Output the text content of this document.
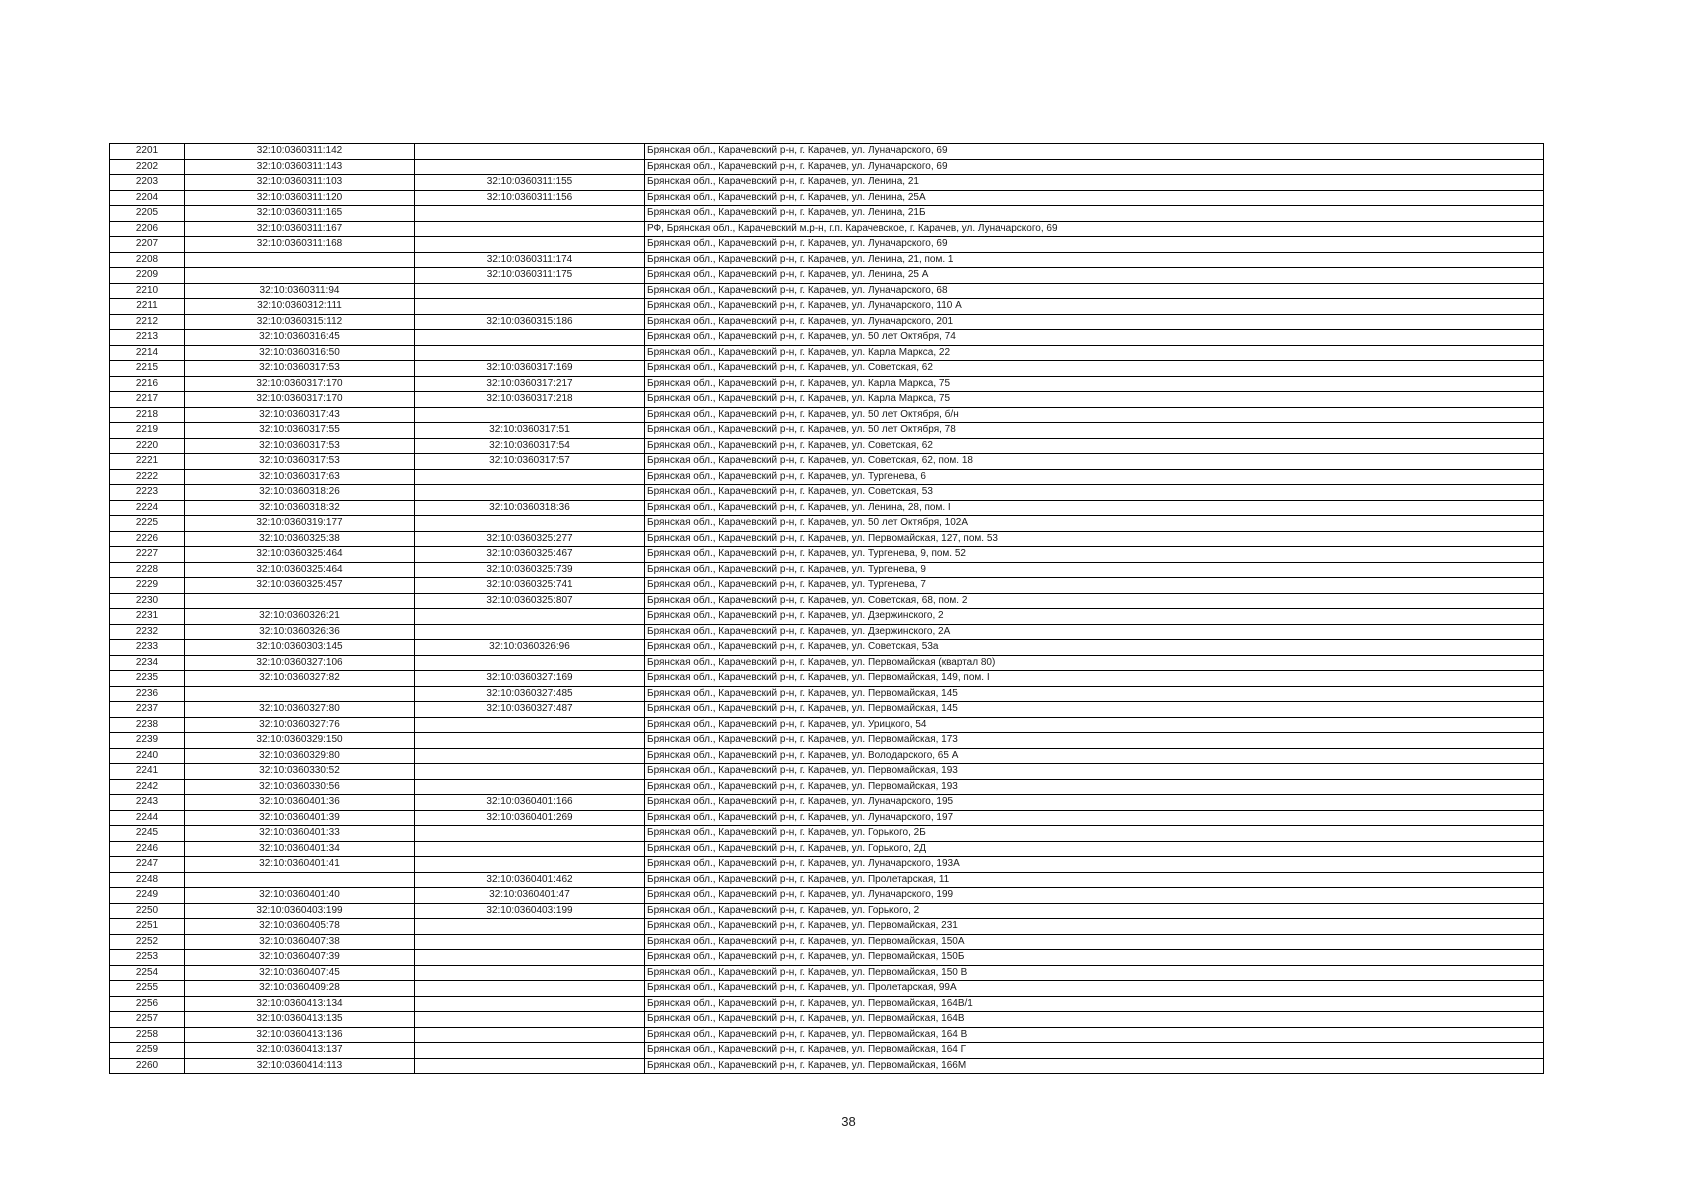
2201	32:10:0360311:142		Брянская обл., Карачевский р-н, г. Карачев, ул. Луначарского, 69
2202	32:10:0360311:143		Брянская обл., Карачевский р-н, г. Карачев, ул. Луначарского, 69
2203	32:10:0360311:103	32:10:0360311:155	Брянская обл., Карачевский р-н, г. Карачев, ул. Ленина, 21
2204	32:10:0360311:120	32:10:0360311:156	Брянская обл., Карачевский р-н, г. Карачев, ул. Ленина, 25А
2205	32:10:0360311:165		Брянская обл., Карачевский р-н, г. Карачев, ул. Ленина, 21Б
2206	32:10:0360311:167		РФ, Брянская обл., Карачевский м.р-н, г.п. Карачевское, г. Карачев, ул. Луначарского, 69
2207	32:10:0360311:168		Брянская обл., Карачевский р-н, г. Карачев, ул. Луначарского, 69
2208		32:10:0360311:174	Брянская обл., Карачевский р-н, г. Карачев, ул. Ленина, 21, пом. 1
2209		32:10:0360311:175	Брянская обл., Карачевский р-н, г. Карачев, ул. Ленина, 25 А
2210	32:10:0360311:94		Брянская обл., Карачевский р-н, г. Карачев, ул. Луначарского, 68
2211	32:10:0360312:111		Брянская обл., Карачевский р-н, г. Карачев, ул. Луначарского, 110 А
2212	32:10:0360315:112	32:10:0360315:186	Брянская обл., Карачевский р-н, г. Карачев, ул. Луначарского, 201
2213	32:10:0360316:45		Брянская обл., Карачевский р-н, г. Карачев, ул. 50 лет Октября, 74
2214	32:10:0360316:50		Брянская обл., Карачевский р-н, г. Карачев, ул. Карла Маркса, 22
2215	32:10:0360317:53	32:10:0360317:169	Брянская обл., Карачевский р-н, г. Карачев, ул. Советская, 62
2216	32:10:0360317:170	32:10:0360317:217	Брянская обл., Карачевский р-н, г. Карачев, ул. Карла Маркса, 75
2217	32:10:0360317:170	32:10:0360317:218	Брянская обл., Карачевский р-н, г. Карачев, ул. Карла Маркса, 75
2218	32:10:0360317:43		Брянская обл., Карачевский р-н, г. Карачев, ул. 50 лет Октября, б/н
2219	32:10:0360317:55	32:10:0360317:51	Брянская обл., Карачевский р-н, г. Карачев, ул. 50 лет Октября, 78
2220	32:10:0360317:53	32:10:0360317:54	Брянская обл., Карачевский р-н, г. Карачев, ул. Советская, 62
2221	32:10:0360317:53	32:10:0360317:57	Брянская обл., Карачевский р-н, г. Карачев, ул. Советская, 62, пом. 18
2222	32:10:0360317:63		Брянская обл., Карачевский р-н, г. Карачев, ул. Тургенева, 6
2223	32:10:0360318:26		Брянская обл., Карачевский р-н, г. Карачев, ул. Советская, 53
2224	32:10:0360318:32	32:10:0360318:36	Брянская обл., Карачевский р-н, г. Карачев, ул. Ленина, 28, пом. I
2225	32:10:0360319:177		Брянская обл., Карачевский р-н, г. Карачев, ул. 50 лет Октября, 102А
2226	32:10:0360325:38	32:10:0360325:277	Брянская обл., Карачевский р-н, г. Карачев, ул. Первомайская, 127, пом. 53
2227	32:10:0360325:464	32:10:0360325:467	Брянская обл., Карачевский р-н, г. Карачев, ул. Тургенева, 9, пом. 52
2228	32:10:0360325:464	32:10:0360325:739	Брянская обл., Карачевский р-н, г. Карачев, ул. Тургенева, 9
2229	32:10:0360325:457	32:10:0360325:741	Брянская обл., Карачевский р-н, г. Карачев, ул. Тургенева, 7
2230		32:10:0360325:807	Брянская обл., Карачевский р-н, г. Карачев, ул. Советская, 68, пом. 2
2231	32:10:0360326:21		Брянская обл., Карачевский р-н, г. Карачев, ул. Дзержинского, 2
2232	32:10:0360326:36		Брянская обл., Карачевский р-н, г. Карачев, ул. Дзержинского, 2А
2233	32:10:0360303:145	32:10:0360326:96	Брянская обл., Карачевский р-н, г. Карачев, ул. Советская, 53а
2234	32:10:0360327:106		Брянская обл., Карачевский р-н, г. Карачев, ул. Первомайская (квартал 80)
2235	32:10:0360327:82	32:10:0360327:169	Брянская обл., Карачевский р-н, г. Карачев, ул. Первомайская, 149, пом. I
2236		32:10:0360327:485	Брянская обл., Карачевский р-н, г. Карачев, ул. Первомайская, 145
2237	32:10:0360327:80	32:10:0360327:487	Брянская обл., Карачевский р-н, г. Карачев, ул. Первомайская, 145
2238	32:10:0360327:76		Брянская обл., Карачевский р-н, г. Карачев, ул. Урицкого, 54
2239	32:10:0360329:150		Брянская обл., Карачевский р-н, г. Карачев, ул. Первомайская, 173
2240	32:10:0360329:80		Брянская обл., Карачевский р-н, г. Карачев, ул. Володарского, 65 А
2241	32:10:0360330:52		Брянская обл., Карачевский р-н, г. Карачев, ул. Первомайская, 193
2242	32:10:0360330:56		Брянская обл., Карачевский р-н, г. Карачев, ул. Первомайская, 193
2243	32:10:0360401:36	32:10:0360401:166	Брянская обл., Карачевский р-н, г. Карачев, ул. Луначарского, 195
2244	32:10:0360401:39	32:10:0360401:269	Брянская обл., Карачевский р-н, г. Карачев, ул. Луначарского, 197
2245	32:10:0360401:33		Брянская обл., Карачевский р-н, г. Карачев, ул. Горького, 2Б
2246	32:10:0360401:34		Брянская обл., Карачевский р-н, г. Карачев, ул. Горького, 2Д
2247	32:10:0360401:41		Брянская обл., Карачевский р-н, г. Карачев, ул. Луначарского, 193А
2248		32:10:0360401:462	Брянская обл., Карачевский р-н, г. Карачев, ул. Пролетарская, 11
2249	32:10:0360401:40	32:10:0360401:47	Брянская обл., Карачевский р-н, г. Карачев, ул. Луначарского, 199
2250	32:10:0360403:199	32:10:0360403:199	Брянская обл., Карачевский р-н, г. Карачев, ул. Горького, 2
2251	32:10:0360405:78		Брянская обл., Карачевский р-н, г. Карачев, ул. Первомайская, 231
2252	32:10:0360407:38		Брянская обл., Карачевский р-н, г. Карачев, ул. Первомайская, 150А
2253	32:10:0360407:39		Брянская обл., Карачевский р-н, г. Карачев, ул. Первомайская, 150Б
2254	32:10:0360407:45		Брянская обл., Карачевский р-н, г. Карачев, ул. Первомайская, 150 В
2255	32:10:0360409:28		Брянская обл., Карачевский р-н, г. Карачев, ул. Пролетарская, 99А
2256	32:10:0360413:134		Брянская обл., Карачевский р-н, г. Карачев, ул. Первомайская, 164В/1
2257	32:10:0360413:135		Брянская обл., Карачевский р-н, г. Карачев, ул. Первомайская, 164В
2258	32:10:0360413:136		Брянская обл., Карачевский р-н, г. Карачев, ул. Первомайская, 164 В
2259	32:10:0360413:137		Брянская обл., Карачевский р-н, г. Карачев, ул. Первомайская, 164 Г
2260	32:10:0360414:113		Брянская обл., Карачевский р-н, г. Карачев, ул. Первомайская, 166М
38
